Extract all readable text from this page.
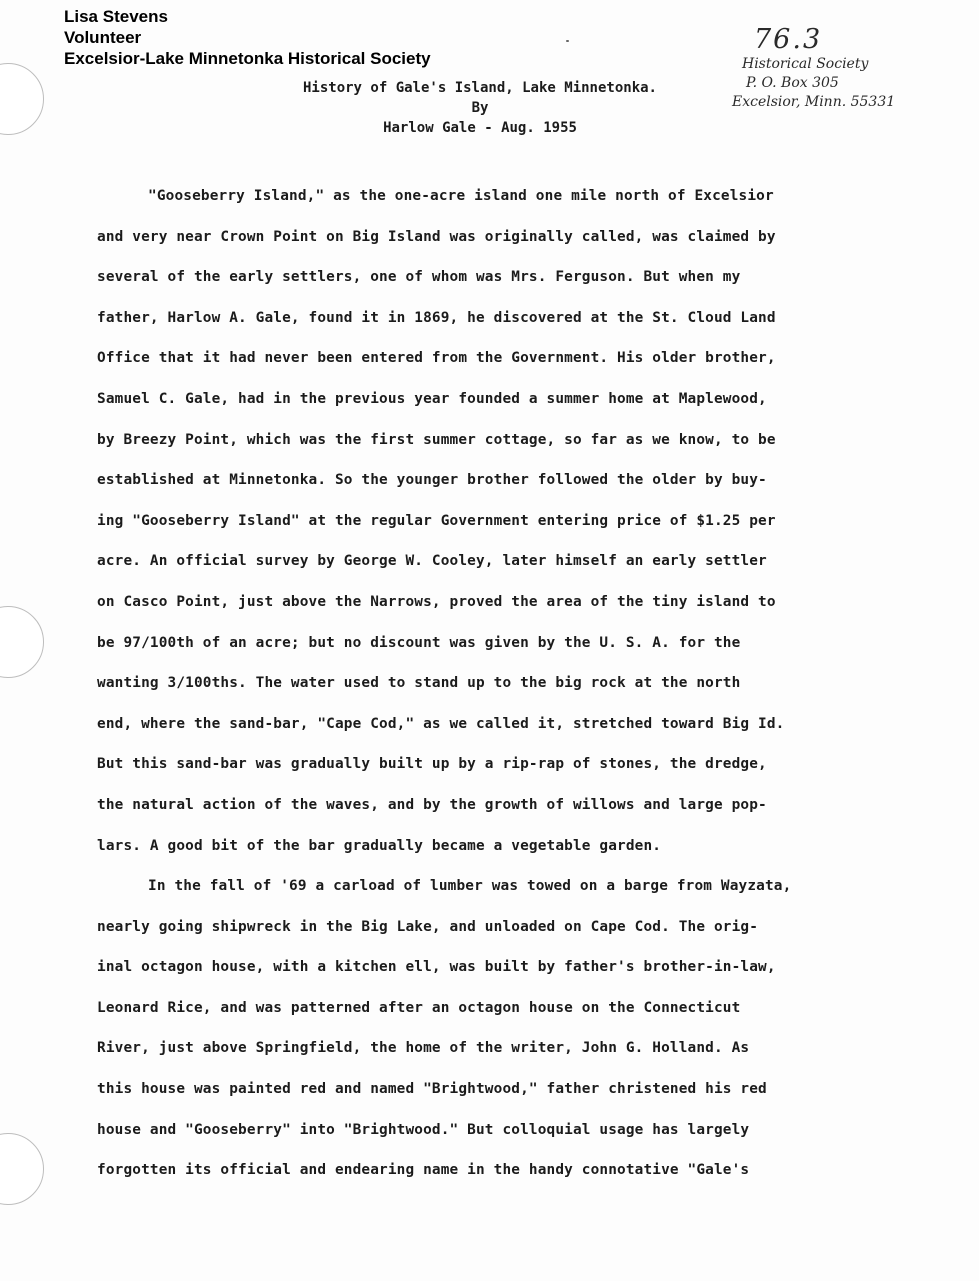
Lisa Stevens
Volunteer
Excelsior-Lake Minnetonka Historical Society
76.3
Historical Society
P. O. Box 305
Excelsior, Minn. 55331
History of Gale's Island, Lake Minnetonka.
By
Harlow Gale - Aug. 1955
"Gooseberry Island," as the one-acre island one mile north of Excelsior
and very near Crown Point on Big Island was originally called, was claimed by
several of the early settlers, one of whom was Mrs. Ferguson. But when my
father, Harlow A. Gale, found it in 1869, he discovered at the St. Cloud Land
Office that it had never been entered from the Government. His older brother,
Samuel C. Gale, had in the previous year founded a summer home at Maplewood,
by Breezy Point, which was the first summer cottage, so far as we know, to be
established at Minnetonka. So the younger brother followed the older by buy-
ing "Gooseberry Island" at the regular Government entering price of $1.25 per
acre. An official survey by George W. Cooley, later himself an early settler
on Casco Point, just above the Narrows, proved the area of the tiny island to
be 97/100th of an acre; but no discount was given by the U. S. A. for the
wanting 3/100ths. The water used to stand up to the big rock at the north
end, where the sand-bar, "Cape Cod," as we called it, stretched toward Big Id.
But this sand-bar was gradually built up by a rip-rap of stones, the dredge,
the natural action of the waves, and by the growth of willows and large pop-
lars. A good bit of the bar gradually became a vegetable garden.
In the fall of '69 a carload of lumber was towed on a barge from Wayzata,
nearly going shipwreck in the Big Lake, and unloaded on Cape Cod. The orig-
inal octagon house, with a kitchen ell, was built by father's brother-in-law,
Leonard Rice, and was patterned after an octagon house on the Connecticut
River, just above Springfield, the home of the writer, John G. Holland. As
this house was painted red and named "Brightwood," father christened his red
house and "Gooseberry" into "Brightwood." But colloquial usage has largely
forgotten its official and endearing name in the handy connotative "Gale's
